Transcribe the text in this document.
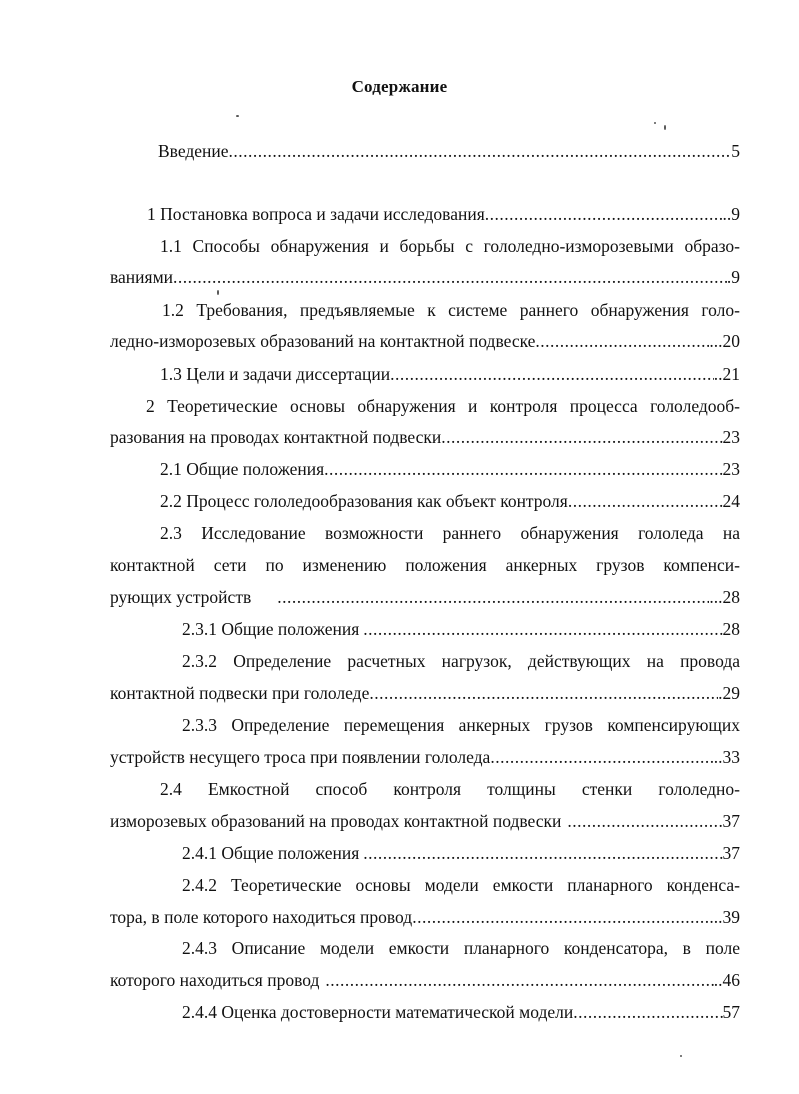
Содержание
Введение .....	5
1 Постановка вопроса и задачи исследования .....	..9
1.1 Способы обнаружения и борьбы с гололедно-изморозевыми образо-
ваниями .....	.9
1.2 Требования, предъявляемые к системе раннего обнаружения голо-
ледно-изморозевых образований на контактной подвеске .....	...20
1.3 Цели и задачи диссертации .....	..21
2 Теоретические основы обнаружения и контроля процесса гололедооб-
разования на проводах контактной подвески .....	23
2.1 Общие положения .....	23
2.2 Процесс гололедообразования как объект контроля .....	24
2.3 Исследование возможности раннего обнаружения гололеда на
контактной сети по изменению положения анкерных грузов компенси-
рующих устройств .....	...28
2.3.1 Общие положения .....	28
2.3.2 Определение расчетных нагрузок, действующих на провода
контактной подвески при гололеде .....	.29
2.3.3 Определение перемещения анкерных грузов компенсирующих
устройств несущего троса при появлении гололеда .....	..33
2.4 Емкостной способ контроля толщины стенки гололедно-
изморозевых образований на проводах контактной подвески .....	37
2.4.1 Общие положения .....	37
2.4.2 Теоретические основы модели емкости планарного конденса-
тора, в поле которого находиться провод .....	...39
2.4.3 Описание модели емкости планарного конденсатора, в поле
которого находиться провод .....	..46
2.4.4 Оценка достоверности математической модели .....	57
